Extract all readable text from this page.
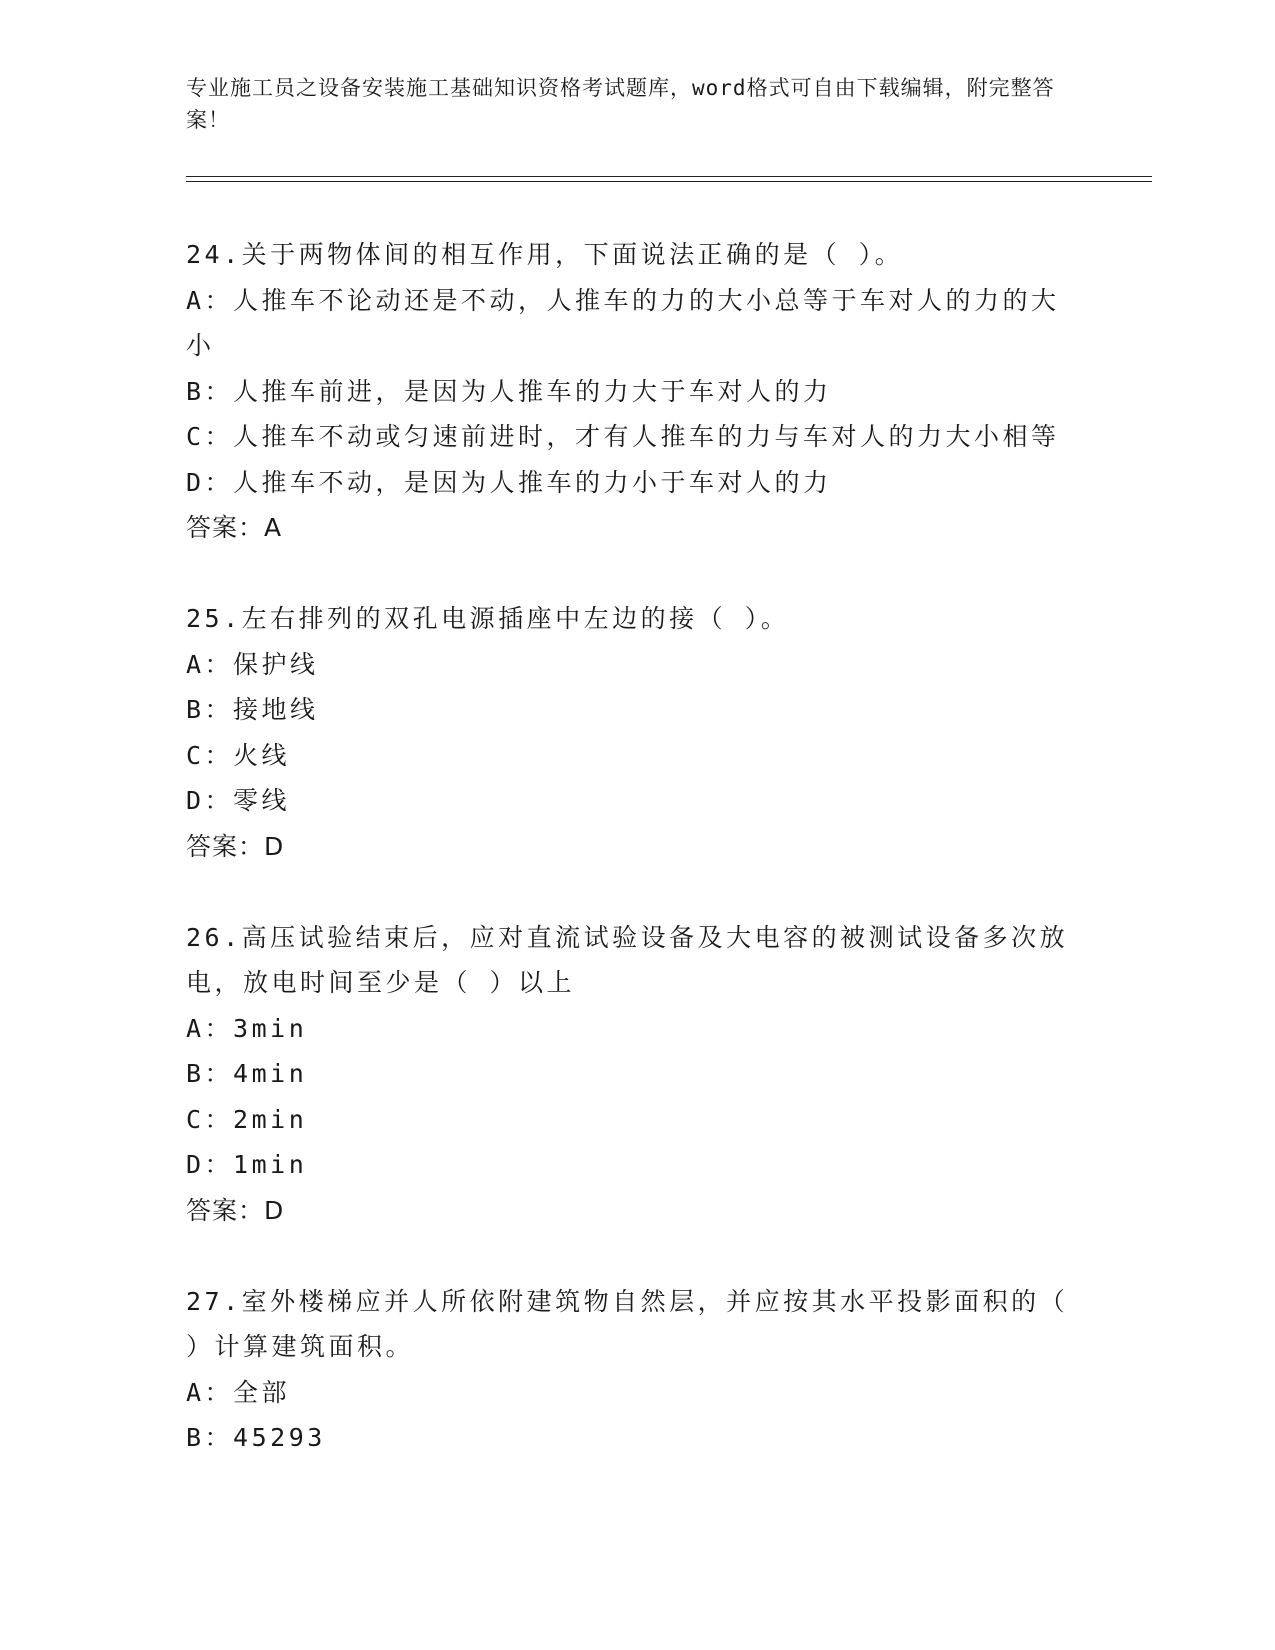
专业施工员之设备安装施工基础知识资格考试题库，word格式可自由下载编辑，附完整答案！

24.关于两物体间的相互作用，下面说法正确的是（ ）。

A：人推车不论动还是不动，人推车的力的大小总等于车对人的力的大小

B：人推车前进，是因为人推车的力大于车对人的力

C：人推车不动或匀速前进时，才有人推车的力与车对人的力大小相等

D：人推车不动，是因为人推车的力小于车对人的力

答案：A

25.左右排列的双孔电源插座中左边的接（ ）。

A：保护线

B：接地线

C：火线

D：零线

答案：D

26.高压试验结束后，应对直流试验设备及大电容的被测试设备多次放电，放电时间至少是（ ）以上

A：3min

B：4min

C：2min

D：1min

答案：D

27.室外楼梯应并人所依附建筑物自然层，并应按其水平投影面积的（ ）计算建筑面积。

A：全部

B：45293
